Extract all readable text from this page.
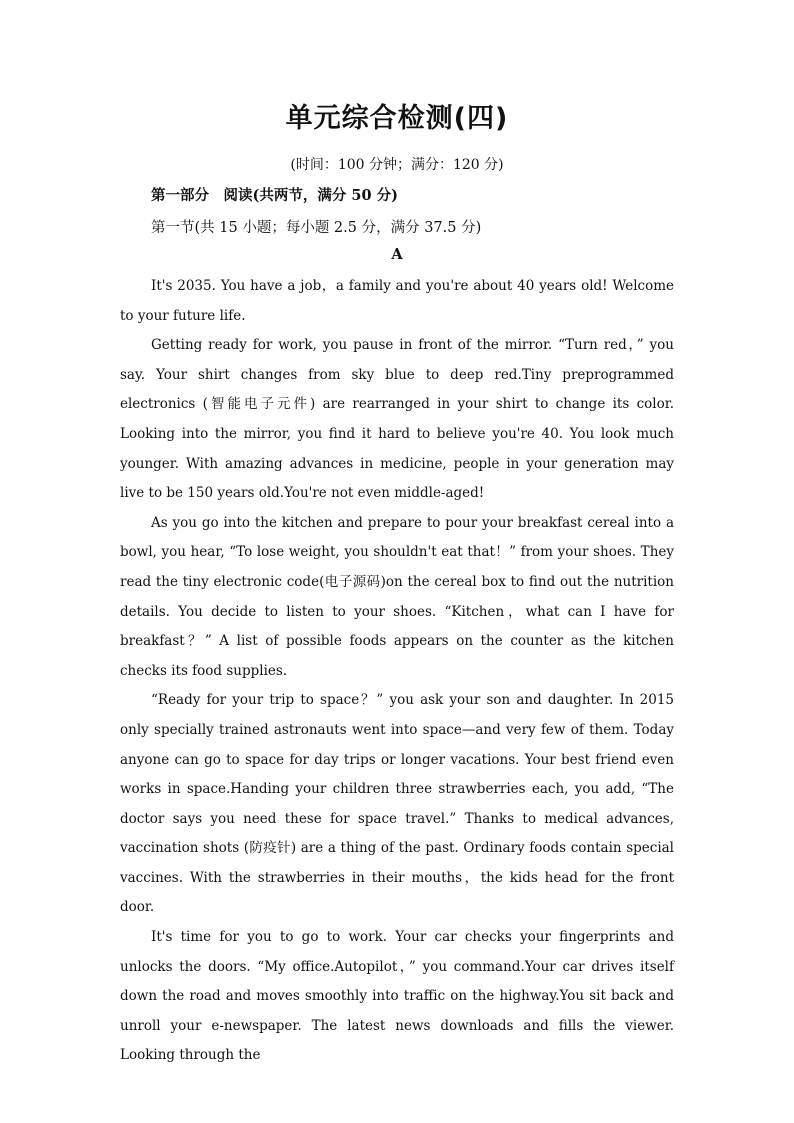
单元综合检测(四)

(时间：100 分钟；满分：120 分)

第一部分　阅读(共两节，满分 50 分)

第一节(共 15 小题；每小题 2.5 分，满分 37.5 分)

A

It's 2035. You have a job，a family and you're about 40 years old! Welcome to your future life.

Getting ready for work, you pause in front of the mirror. “Turn red，” you say. Your shirt changes from sky blue to deep red.Tiny preprogrammed electronics (智能电子元件) are rearranged in your shirt to change its color. Looking into the mirror, you find it hard to believe you're 40. You look much younger. With amazing advances in medicine, people in your generation may live to be 150 years old.You're not even middle-aged!

As you go into the kitchen and prepare to pour your breakfast cereal into a bowl, you hear, “To lose weight, you shouldn't eat that！” from your shoes. They read the tiny electronic code(电子源码)on the cereal box to find out the nutrition details. You decide to listen to your shoes. “Kitchen，what can I have for breakfast？” A list of possible foods appears on the counter as the kitchen checks its food supplies.

“Ready for your trip to space？” you ask your son and daughter. In 2015 only specially trained astronauts went into space—and very few of them. Today anyone can go to space for day trips or longer vacations. Your best friend even works in space.Handing your children three strawberries each, you add, “The doctor says you need these for space travel.” Thanks to medical advances, vaccination shots (防疫针) are a thing of the past. Ordinary foods contain special vaccines. With the strawberries in their mouths，the kids head for the front door.

It's time for you to go to work. Your car checks your fingerprints and unlocks the doors. “My office.Autopilot，” you command.Your car drives itself down the road and moves smoothly into traffic on the highway.You sit back and unroll your e-newspaper. The latest news downloads and fills the viewer. Looking through the
